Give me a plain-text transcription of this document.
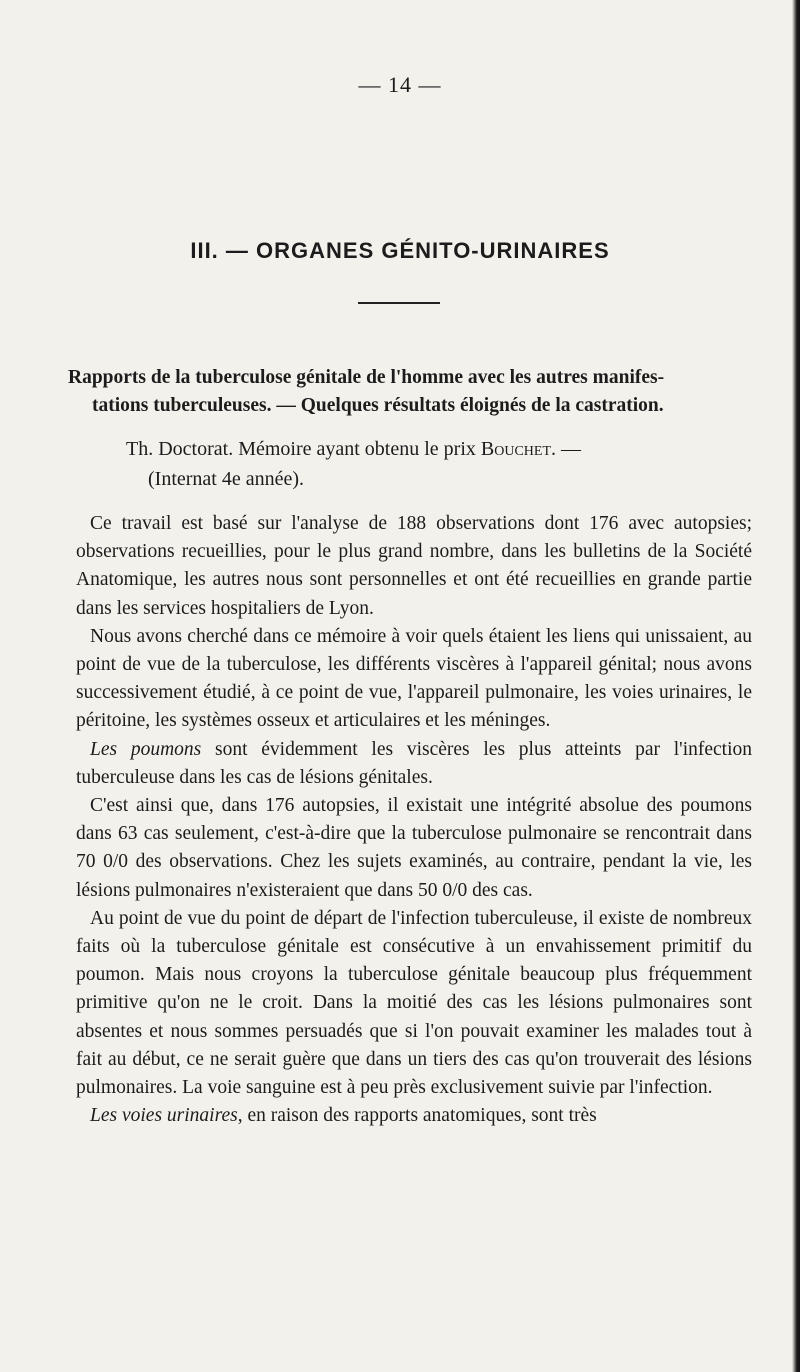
— 14 —
III. — ORGANES GÉNITO-URINAIRES
Rapports de la tuberculose génitale de l'homme avec les autres manifes-
tations tuberculeuses. — Quelques résultats éloignés de la castration.
Th. Doctorat. Mémoire ayant obtenu le prix Bouchet. —
(Internat 4e année).

Ce travail est basé sur l'analyse de 188 observations dont 176 avec autopsies; observations recueillies, pour le plus grand nombre, dans les bulletins de la Société Anatomique, les autres nous sont personnelles et ont été recueillies en grande partie dans les services hospitaliers de Lyon.

Nous avons cherché dans ce mémoire à voir quels étaient les liens qui unissaient, au point de vue de la tuberculose, les différents viscères à l'appareil génital; nous avons successivement étudié, à ce point de vue, l'appareil pulmonaire, les voies urinaires, le péritoine, les systèmes osseux et articulaires et les méninges.

Les poumons sont évidemment les viscères les plus atteints par l'infection tuberculeuse dans les cas de lésions génitales.

C'est ainsi que, dans 176 autopsies, il existait une intégrité absolue des poumons dans 63 cas seulement, c'est-à-dire que la tuberculose pulmonaire se rencontrait dans 70 0/0 des observations. Chez les sujets examinés, au contraire, pendant la vie, les lésions pulmonaires n'existeraient que dans 50 0/0 des cas.

Au point de vue du point de départ de l'infection tuberculeuse, il existe de nombreux faits où la tuberculose génitale est consécutive à un envahissement primitif du poumon. Mais nous croyons la tuberculose génitale beaucoup plus fréquemment primitive qu'on ne le croit. Dans la moitié des cas les lésions pulmonaires sont absentes et nous sommes persuadés que si l'on pouvait examiner les malades tout à fait au début, ce ne serait guère que dans un tiers des cas qu'on trouverait des lésions pulmonaires. La voie sanguine est à peu près exclusivement suivie par l'infection.

Les voies urinaires, en raison des rapports anatomiques, sont très
